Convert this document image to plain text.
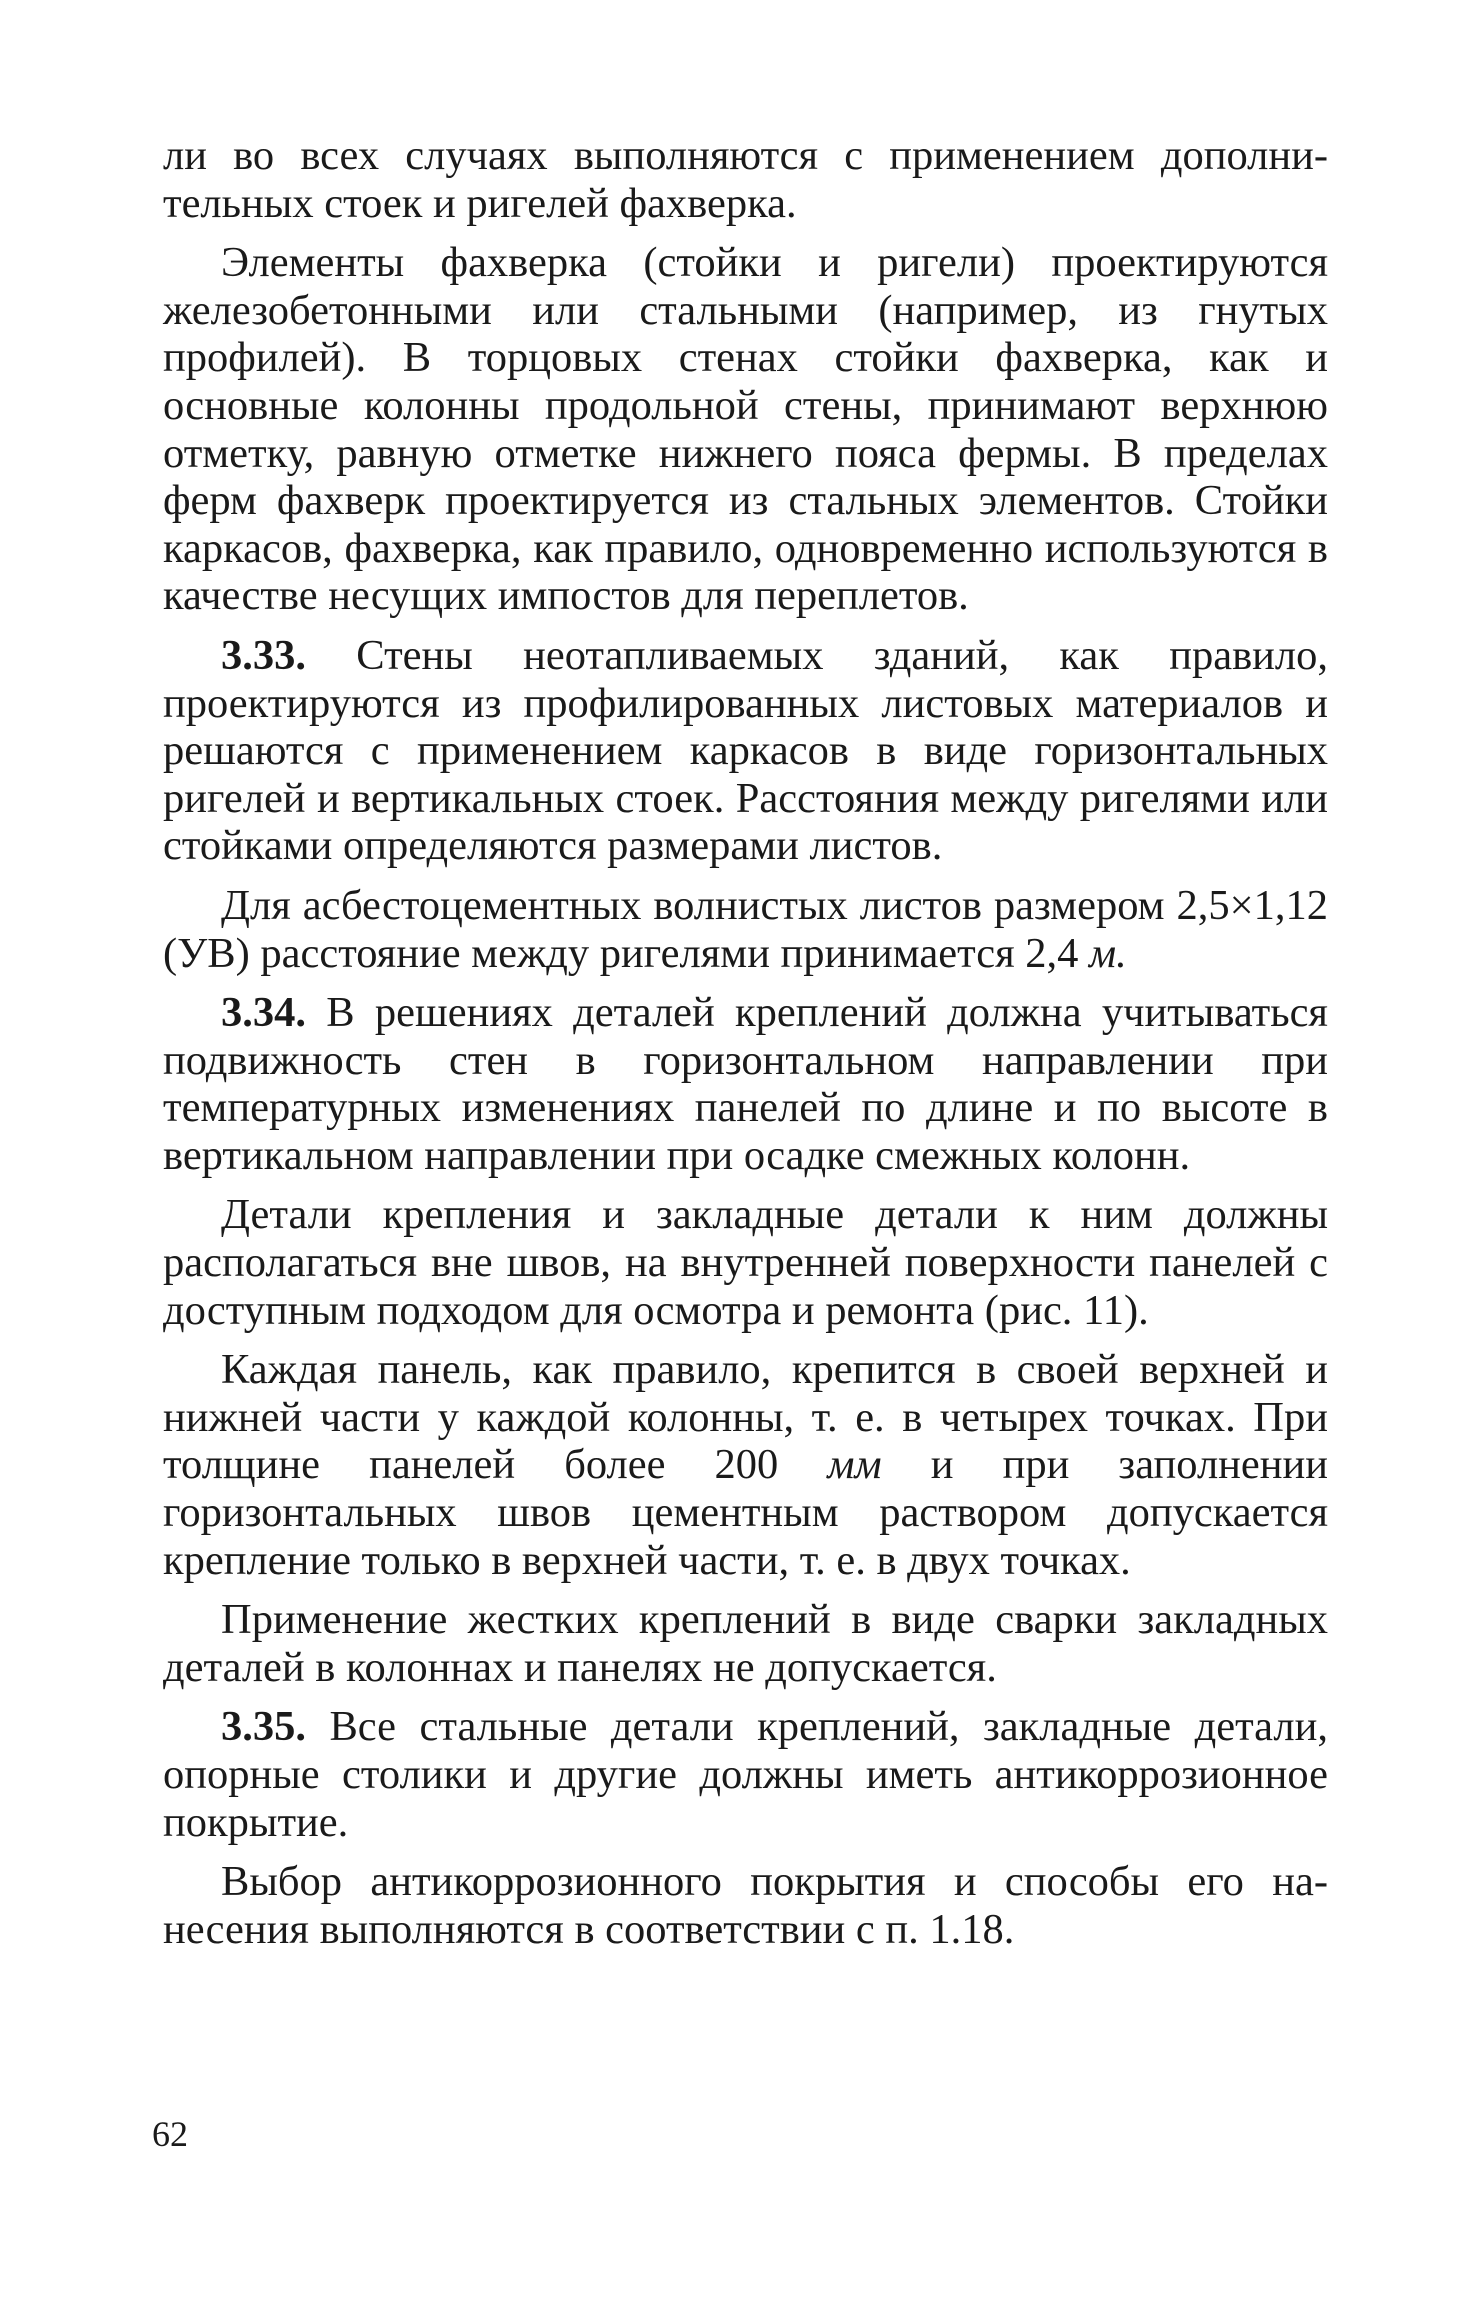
ли во всех случаях выполняются с применением дополнительных стоек и ригелей фахверка.

Элементы фахверка (стойки и ригели) проектируются железобетонными или стальными (например, из гнутых профилей). В торцовых стенах стойки фахверка, как и основные колонны продольной стены, принимают верхнюю отметку, равную отметке нижнего пояса фермы. В пределах ферм фахверк проектируется из стальных элементов. Стойки каркасов, фахверка, как правило, одновременно используются в качестве несущих импостов для переплетов.

3.33. Стены неотапливаемых зданий, как правило, проектируются из профилированных листовых материалов и решаются с применением каркасов в виде горизонтальных ригелей и вертикальных стоек. Расстояния между ригелями или стойками определяются размерами листов.

Для асбестоцементных волнистых листов размером 2,5×1,12 (УВ) расстояние между ригелями принимается 2,4 м.

3.34. В решениях деталей креплений должна учитываться подвижность стен в горизонтальном направлении при температурных изменениях панелей по длине и по высоте в вертикальном направлении при осадке смежных колонн.

Детали крепления и закладные детали к ним должны располагаться вне швов, на внутренней поверхности панелей с доступным подходом для осмотра и ремонта (рис. 11).

Каждая панель, как правило, крепится в своей верхней и нижней части у каждой колонны, т. е. в четырех точках. При толщине панелей более 200 мм и при заполнении горизонтальных швов цементным раствором допускается крепление только в верхней части, т. е. в двух точках.

Применение жестких креплений в виде сварки закладных деталей в колоннах и панелях не допускается.

3.35. Все стальные детали креплений, закладные детали, опорные столики и другие должны иметь антикоррозионное покрытие.

Выбор антикоррозионного покрытия и способы его нанесения выполняются в соответствии с п. 1.18.

62
